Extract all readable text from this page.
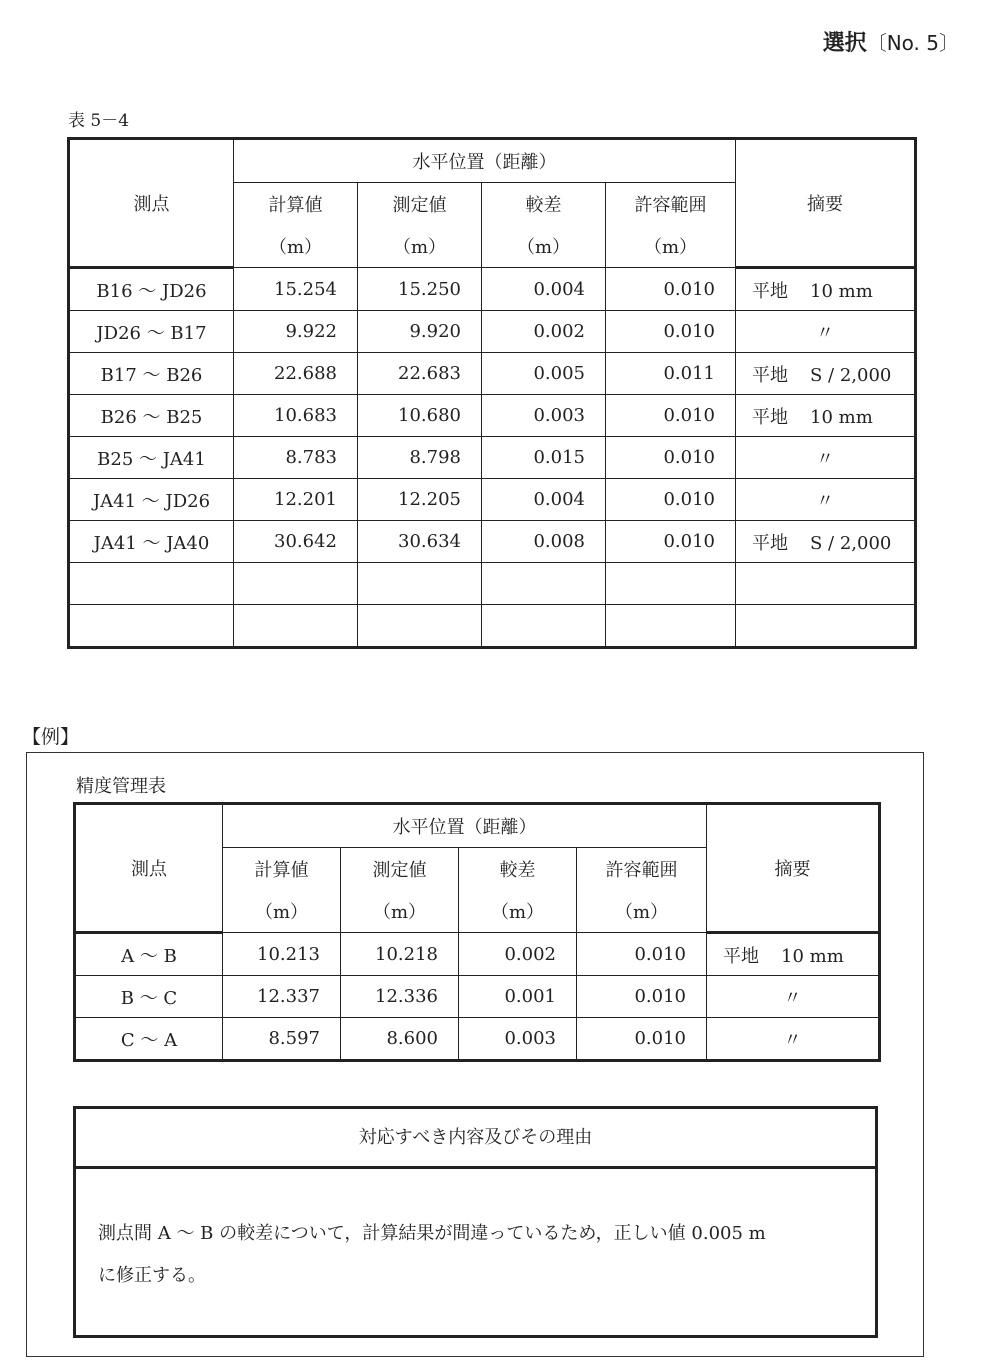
選択〔No. 5〕
表 5－4
測点	水平位置（距離）				摘要
	計算値	測定値	較差	許容範囲	
	（m）	（m）	（m）	（m）	
B16 ～ JD26	15.254	15.250	0.004	0.010	平地 10 mm
JD26 ～ B17	9.922	9.920	0.002	0.010	〃
B17 ～ B26	22.688	22.683	0.005	0.011	平地 S / 2,000
B26 ～ B25	10.683	10.680	0.003	0.010	平地 10 mm
B25 ～ JA41	8.783	8.798	0.015	0.010	〃
JA41 ～ JD26	12.201	12.205	0.004	0.010	〃
JA41 ～ JA40	30.642	30.634	0.008	0.010	平地 S / 2,000

【例】
精度管理表
測点	水平位置（距離）				摘要
	計算値	測定値	較差	許容範囲	
	（m）	（m）	（m）	（m）	
A ～ B	10.213	10.218	0.002	0.010	平地 10 mm
B ～ C	12.337	12.336	0.001	0.010	〃
C ～ A	8.597	8.600	0.003	0.010	〃
対応すべき内容及びその理由
測点間 A ～ B の較差について，計算結果が間違っているため，正しい値 0.005 m
に修正する。
